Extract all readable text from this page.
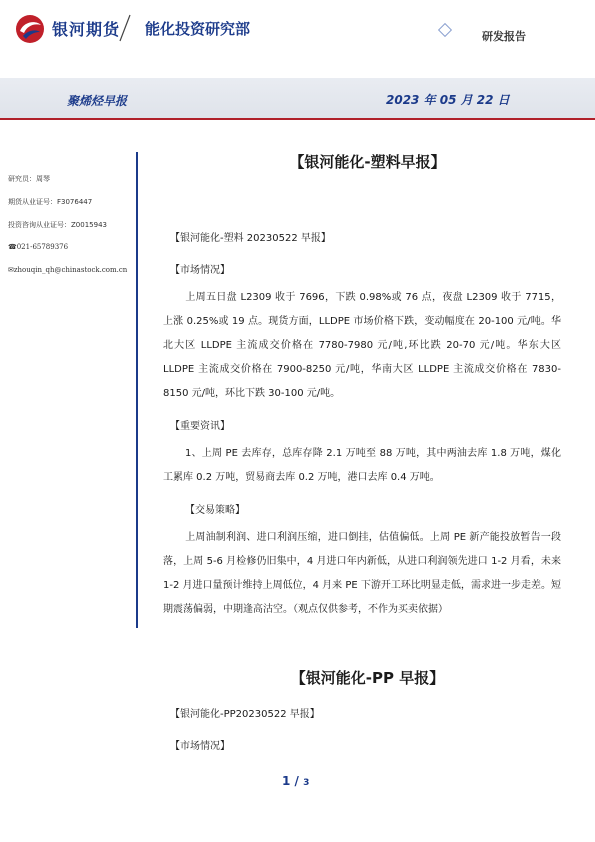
银河期货 能化投资研究部	研发报告
聚烯烃早报	2023 年 05 月 22 日
研究员：周琴
期货从业证号：F3076447
投资咨询从业证号：Z0015943
☎021-65789376
✉zhouqin_qh@chinastock.com.cn
【银河能化-塑料早报】
【银河能化-塑料 20230522 早报】
【市场情况】
上周五日盘 L2309 收于 7696，下跌 0.98%或 76 点，夜盘 L2309 收于 7715，上涨 0.25%或 19 点。现货方面，LLDPE 市场价格下跌，变动幅度在 20-100 元/吨。华北大区 LLDPE 主流成交价格在 7780-7980 元/吨,环比跌 20-70 元/吨。华东大区 LLDPE 主流成交价格在 7900-8250 元/吨，华南大区 LLDPE 主流成交价格在 7830-8150 元/吨，环比下跌 30-100 元/吨。
【重要资讯】
1、上周 PE 去库存，总库存降 2.1 万吨至 88 万吨，其中两油去库 1.8 万吨，煤化工累库 0.2 万吨，贸易商去库 0.2 万吨，港口去库 0.4 万吨。
【交易策略】
上周油制利润、进口利润压缩，进口倒挂，估值偏低。上周 PE 新产能投放暂告一段落，上周 5-6 月检修仍旧集中，4 月进口年内新低，从进口利润领先进口 1-2 月看，未来 1-2 月进口量预计维持上周低位，4 月来 PE 下游开工环比明显走低，需求进一步走差。短期震荡偏弱，中期逢高沽空。（观点仅供参考，不作为买卖依据）
【银河能化-PP 早报】
【银河能化-PP20230522 早报】
【市场情况】
1 / 3
